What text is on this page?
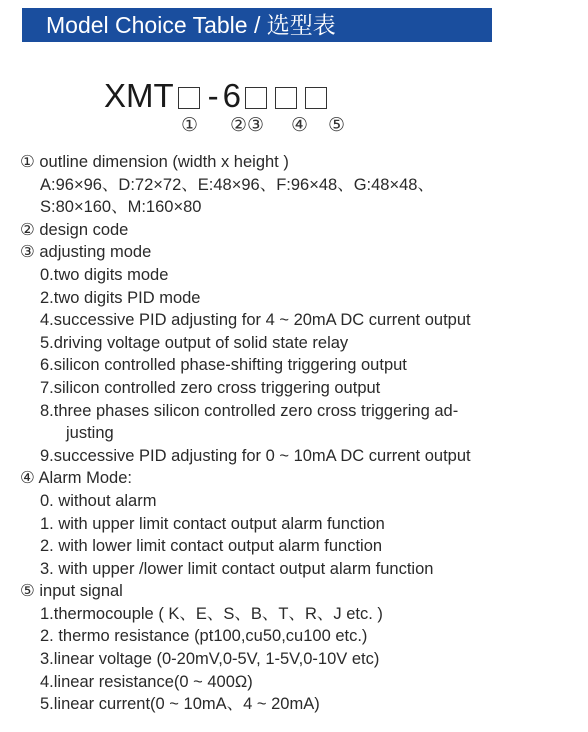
Model Choice Table / 选型表
XMT - 6
① ②③ ④ ⑤
① outline dimension (width x height )
A:96×96、D:72×72、E:48×96、F:96×48、G:48×48、
S:80×160、M:160×80
② design code
③ adjusting mode
0.two digits mode
2.two digits PID mode
4.successive PID adjusting for 4 ~ 20mA DC current output
5.driving voltage output of solid state relay
6.silicon controlled phase-shifting triggering output
7.silicon controlled zero cross triggering output
8.three phases silicon controlled zero cross triggering ad-
justing
9.successive PID adjusting for 0 ~ 10mA DC current output
④ Alarm Mode:
0. without alarm
1. with upper limit contact output alarm function
2. with lower limit contact output alarm function
3. with upper /lower limit contact output alarm function
⑤ input signal
1.thermocouple ( K、E、S、B、T、R、J etc. )
2. thermo resistance (pt100,cu50,cu100 etc.)
3.linear voltage (0-20mV,0-5V, 1-5V,0-10V etc)
4.linear resistance(0 ~ 400Ω)
5.linear current(0 ~ 10mA、4 ~ 20mA)
